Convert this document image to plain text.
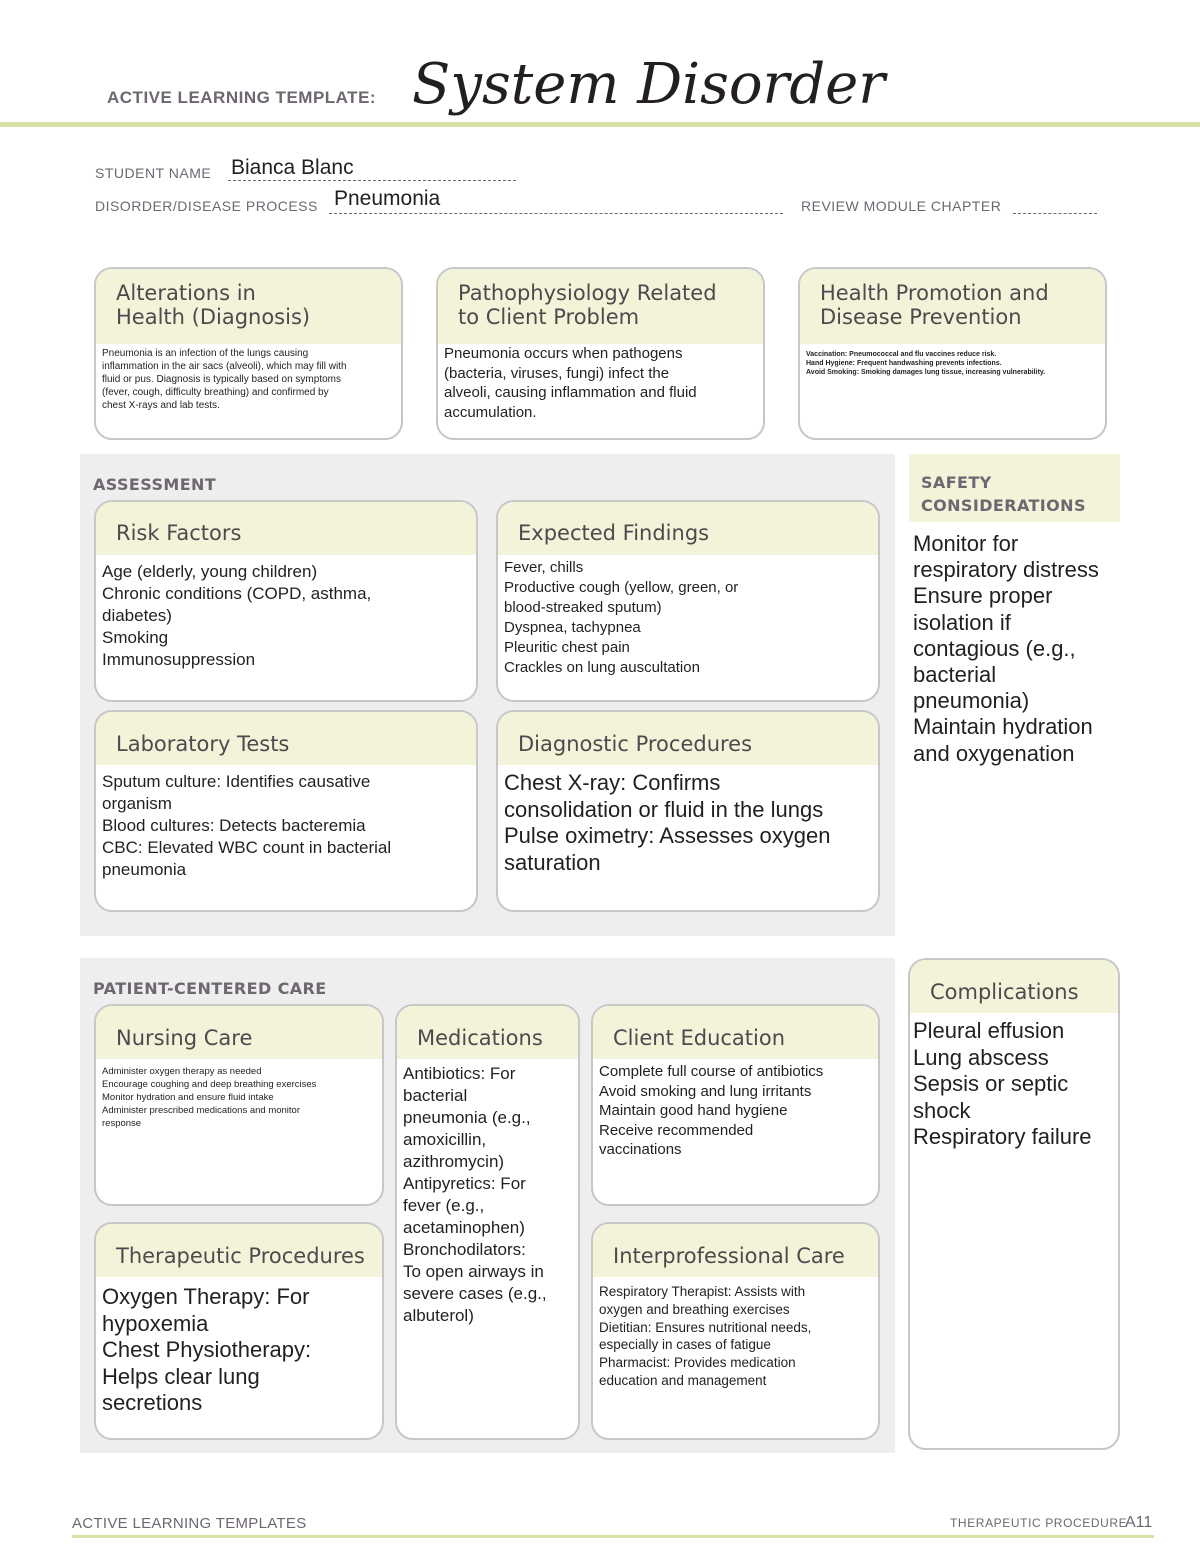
ACTIVE LEARNING TEMPLATE: System Disorder
STUDENT NAME Bianca Blanc
DISORDER/DISEASE PROCESS Pneumonia	REVIEW MODULE CHAPTER
Alterations in
Health (Diagnosis)
Pneumonia is an infection of the lungs causing
inflammation in the air sacs (alveoli), which may fill with
fluid or pus. Diagnosis is typically based on symptoms
(fever, cough, difficulty breathing) and confirmed by
chest X-rays and lab tests.
Pathophysiology Related
to Client Problem
Pneumonia occurs when pathogens
(bacteria, viruses, fungi) infect the
alveoli, causing inflammation and fluid
accumulation.
Health Promotion and
Disease Prevention
Vaccination: Pneumococcal and flu vaccines reduce risk.
Hand Hygiene: Frequent handwashing prevents infections.
Avoid Smoking: Smoking damages lung tissue, increasing vulnerability.
ASSESSMENT
Risk Factors
Age (elderly, young children)
Chronic conditions (COPD, asthma,
diabetes)
Smoking
Immunosuppression
Expected Findings
Fever, chills
Productive cough (yellow, green, or
blood-streaked sputum)
Dyspnea, tachypnea
Pleuritic chest pain
Crackles on lung auscultation
Laboratory Tests
Sputum culture: Identifies causative
organism
Blood cultures: Detects bacteremia
CBC: Elevated WBC count in bacterial
pneumonia
Diagnostic Procedures
Chest X-ray: Confirms
consolidation or fluid in the lungs
Pulse oximetry: Assesses oxygen
saturation
SAFETY
CONSIDERATIONS
Monitor for
respiratory distress
Ensure proper
isolation if
contagious (e.g.,
bacterial
pneumonia)
Maintain hydration
and oxygenation
PATIENT-CENTERED CARE
Nursing Care
Administer oxygen therapy as needed
Encourage coughing and deep breathing exercises
Monitor hydration and ensure fluid intake
Administer prescribed medications and monitor
response
Medications
Antibiotics: For
bacterial
pneumonia (e.g.,
amoxicillin,
azithromycin)
Antipyretics: For
fever (e.g.,
acetaminophen)
Bronchodilators:
To open airways in
severe cases (e.g.,
albuterol)
Client Education
Complete full course of antibiotics
Avoid smoking and lung irritants
Maintain good hand hygiene
Receive recommended
vaccinations
Therapeutic Procedures
Oxygen Therapy: For
hypoxemia
Chest Physiotherapy:
Helps clear lung
secretions
Interprofessional Care
Respiratory Therapist: Assists with
oxygen and breathing exercises
Dietitian: Ensures nutritional needs,
especially in cases of fatigue
Pharmacist: Provides medication
education and management
Complications
Pleural effusion
Lung abscess
Sepsis or septic
shock
Respiratory failure
ACTIVE LEARNING TEMPLATES	THERAPEUTIC PROCEDURE
A11
